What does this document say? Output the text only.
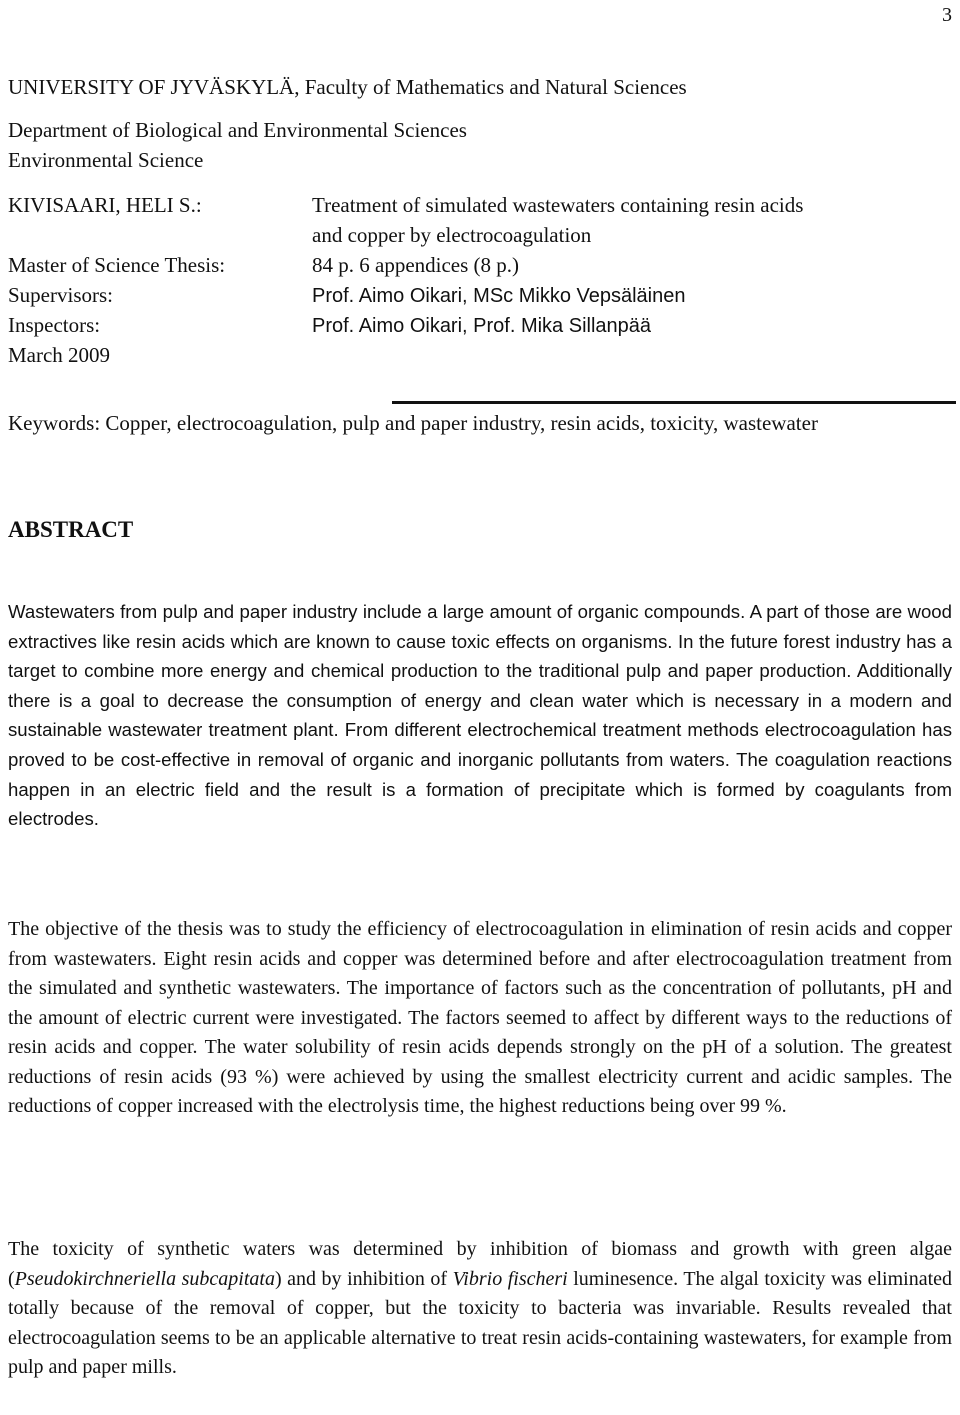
3
UNIVERSITY OF JYVÄSKYLÄ, Faculty of Mathematics and Natural Sciences
Department of Biological and Environmental Sciences
Environmental Science
KIVISAARI, HELI S.:	Treatment of simulated wastewaters containing resin acids
and copper by electrocoagulation
Master of Science Thesis:	84 p. 6 appendices (8 p.)
Supervisors:	Prof. Aimo Oikari, MSc Mikko Vepsäläinen
Inspectors:	Prof. Aimo Oikari, Prof. Mika Sillanpää
March 2009

Keywords: Copper, electrocoagulation, pulp and paper industry, resin acids, toxicity, wastewater

ABSTRACT

Wastewaters from pulp and paper industry include a large amount of organic compounds. A part of those are wood extractives like resin acids which are known to cause toxic effects on organisms. In the future forest industry has a target to combine more energy and chemical production to the traditional pulp and paper production. Additionally there is a goal to decrease the consumption of energy and clean water which is necessary in a modern and sustainable wastewater treatment plant. From different electrochemical treatment methods electrocoagulation has proved to be cost-effective in removal of organic and inorganic pollutants from waters. The coagulation reactions happen in an electric field and the result is a formation of precipitate which is formed by coagulants from electrodes.

The objective of the thesis was to study the efficiency of electrocoagulation in elimination of resin acids and copper from wastewaters. Eight resin acids and copper was determined before and after electrocoagulation treatment from the simulated and synthetic wastewaters. The importance of factors such as the concentration of pollutants, pH and the amount of electric current were investigated. The factors seemed to affect by different ways to the reductions of resin acids and copper. The water solubility of resin acids depends strongly on the pH of a solution. The greatest reductions of resin acids (93 %) were achieved by using the smallest electricity current and acidic samples. The reductions of copper increased with the electrolysis time, the highest reductions being over 99 %.

The toxicity of synthetic waters was determined by inhibition of biomass and growth with green algae (Pseudokirchneriella subcapitata) and by inhibition of Vibrio fischeri luminesence. The algal toxicity was eliminated totally because of the removal of copper, but the toxicity to bacteria was invariable. Results revealed that electrocoagulation seems to be an applicable alternative to treat resin acids-containing wastewaters, for example from pulp and paper mills.
